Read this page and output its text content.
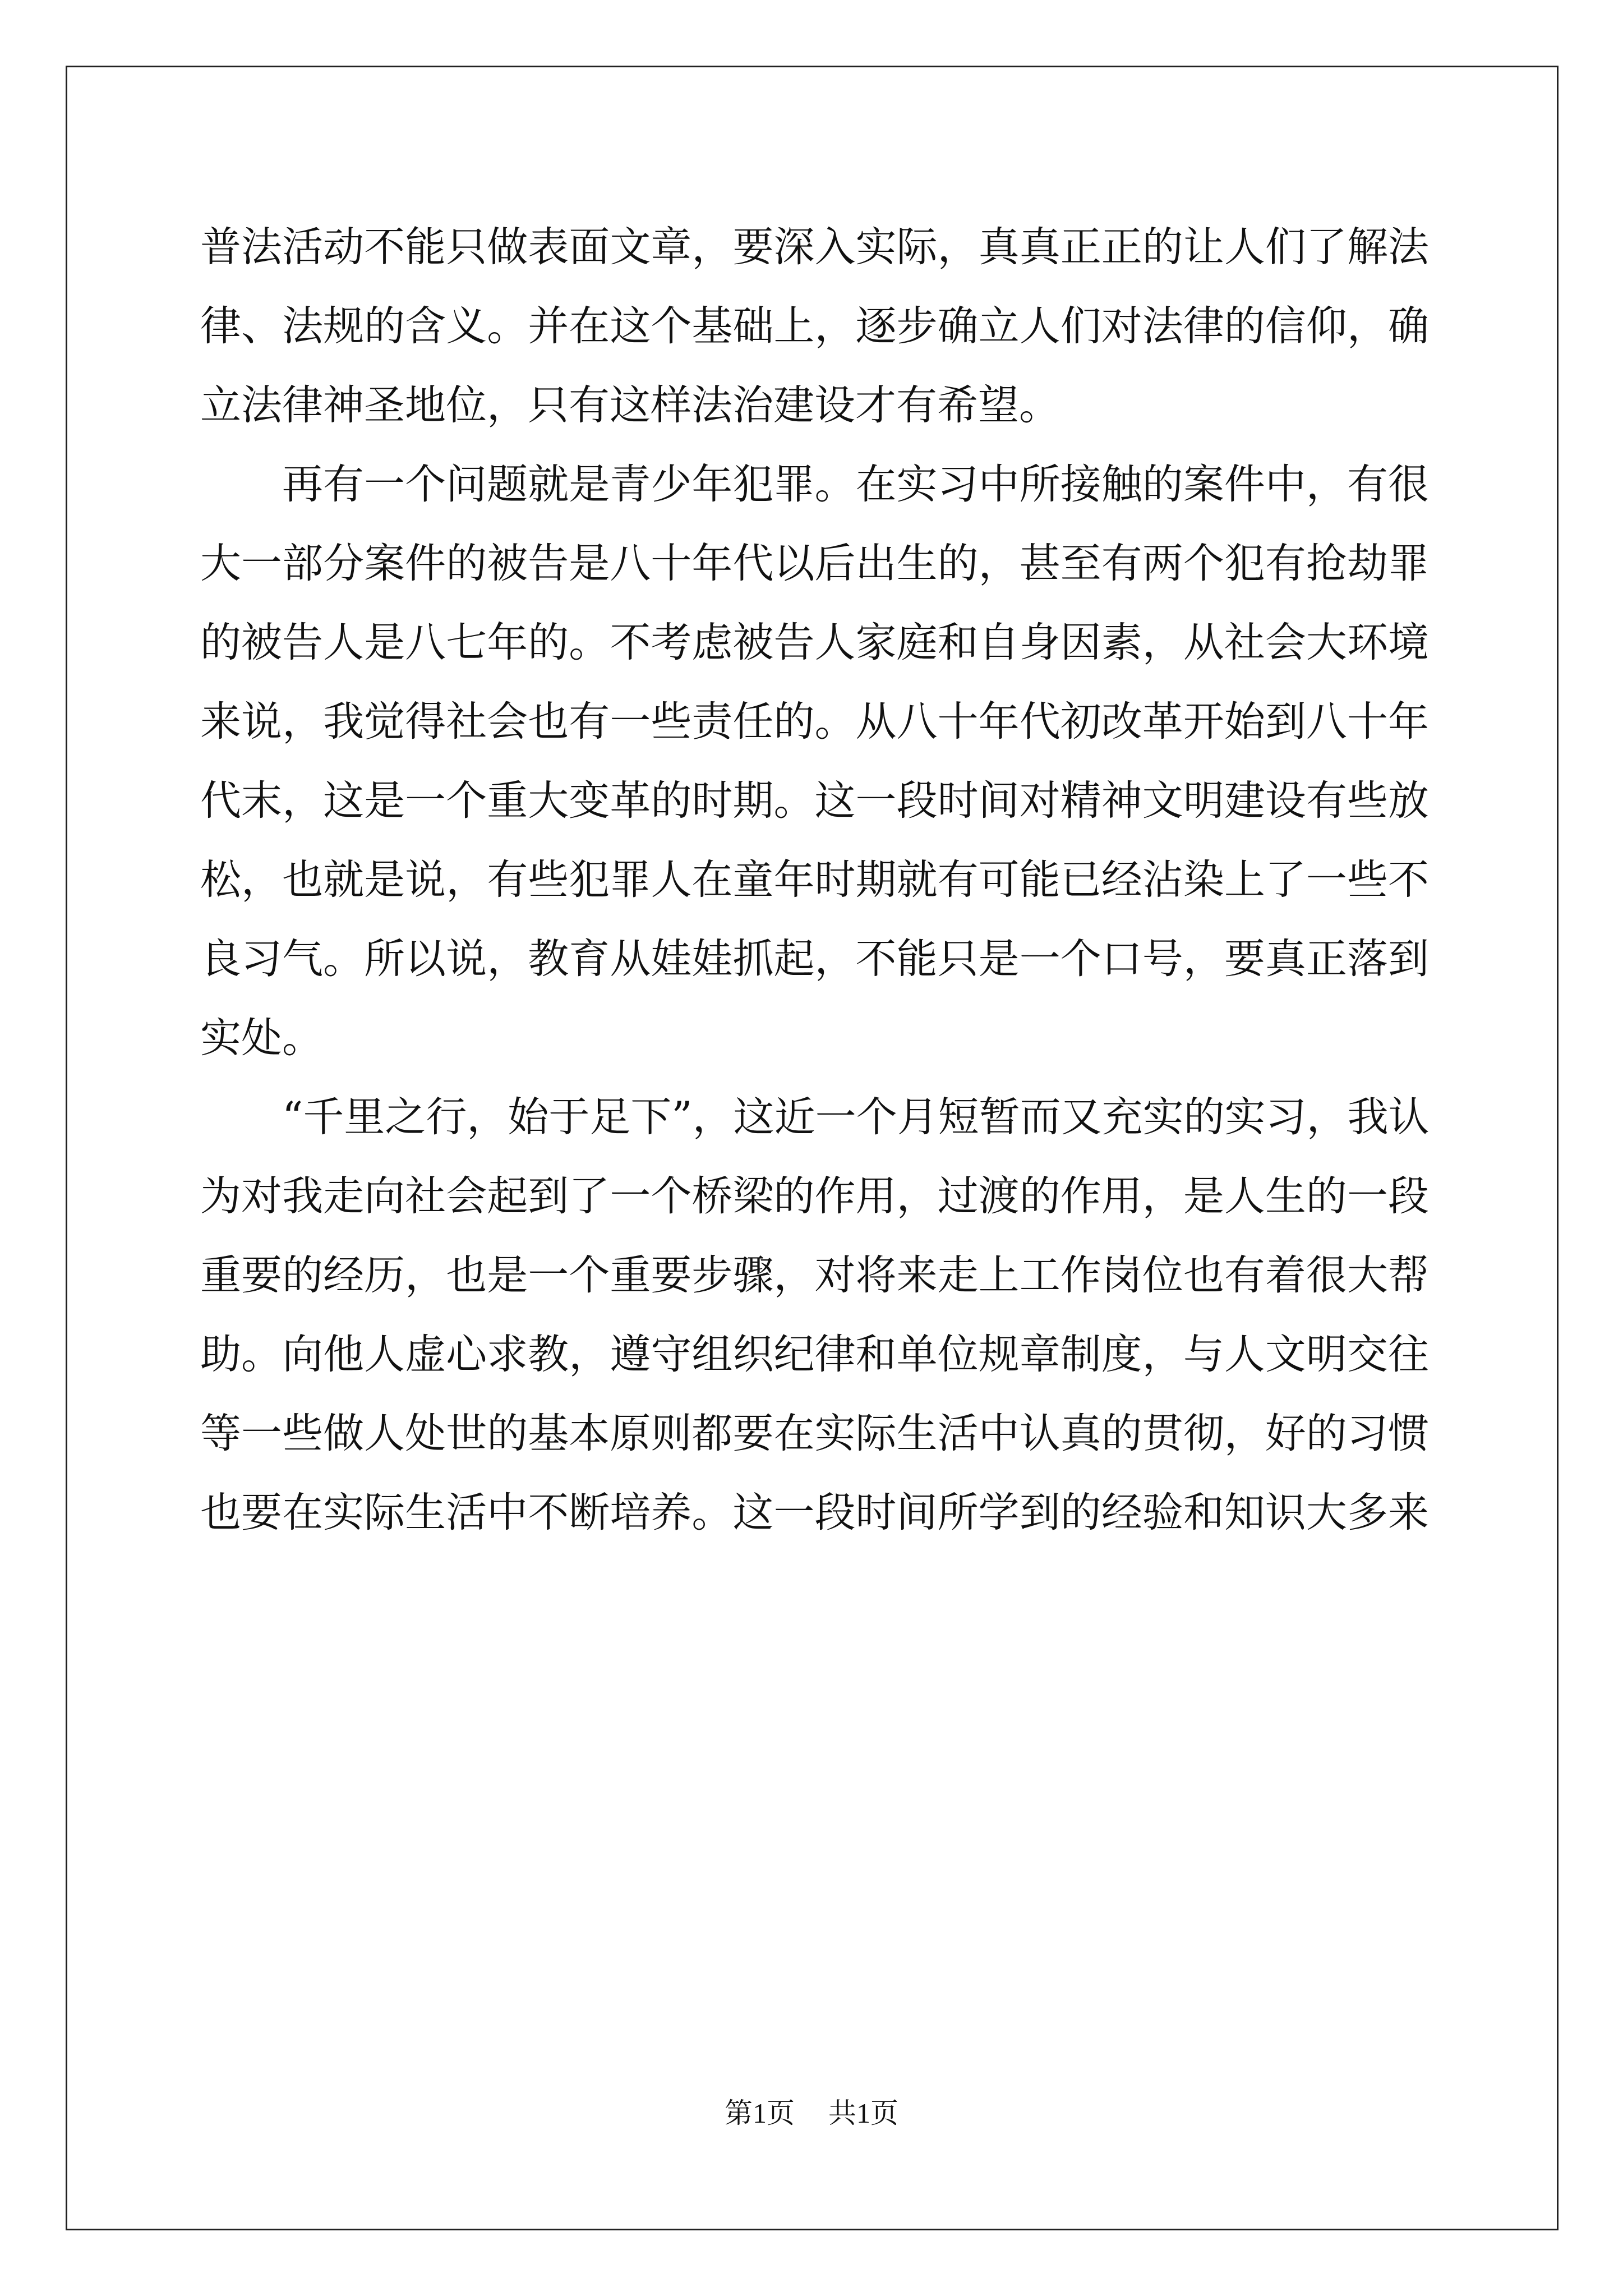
普法活动不能只做表面文章，要深入实际，真真正正的让人们了解法
律、法规的含义。并在这个基础上，逐步确立人们对法律的信仰，确
立法律神圣地位，只有这样法治建设才有希望。

再有一个问题就是青少年犯罪。在实习中所接触的案件中，有很
大一部分案件的被告是八十年代以后出生的，甚至有两个犯有抢劫罪
的被告人是八七年的。不考虑被告人家庭和自身因素，从社会大环境
来说，我觉得社会也有一些责任的。从八十年代初改革开始到八十年
代末，这是一个重大变革的时期。这一段时间对精神文明建设有些放
松，也就是说，有些犯罪人在童年时期就有可能已经沾染上了一些不
良习气。所以说，教育从娃娃抓起，不能只是一个口号，要真正落到
实处。

“千里之行，始于足下”，这近一个月短暂而又充实的实习，我认
为对我走向社会起到了一个桥梁的作用，过渡的作用，是人生的一段
重要的经历，也是一个重要步骤，对将来走上工作岗位也有着很大帮
助。向他人虚心求教，遵守组织纪律和单位规章制度，与人文明交往
等一些做人处世的基本原则都要在实际生活中认真的贯彻，好的习惯
也要在实际生活中不断培养。这一段时间所学到的经验和知识大多来

第1页 共1页
